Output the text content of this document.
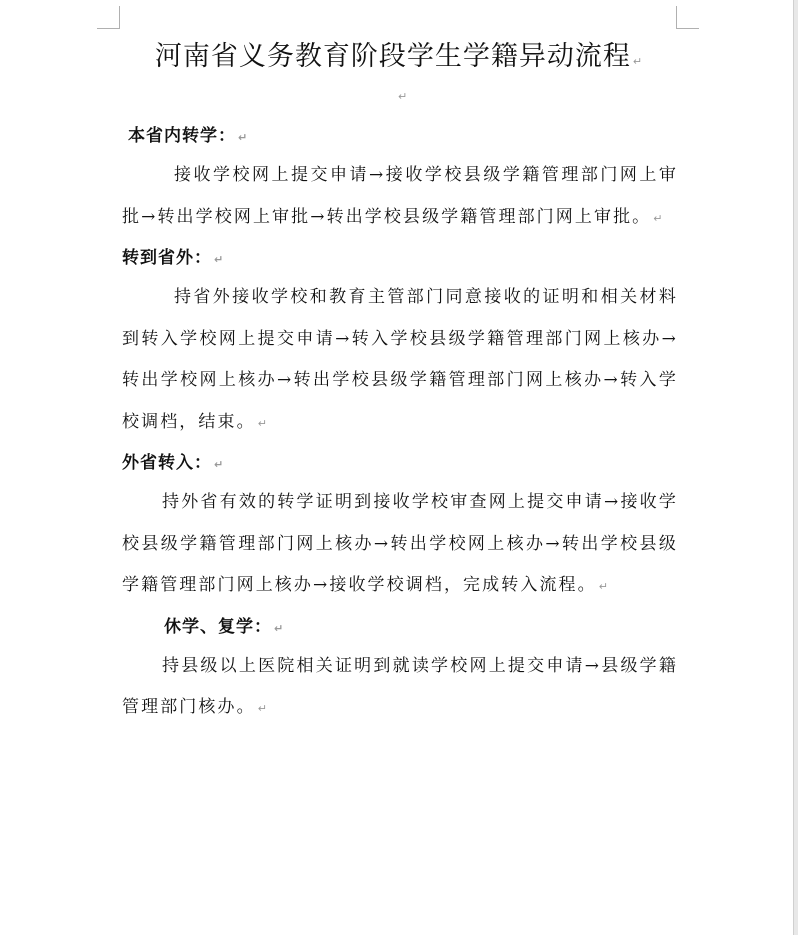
河南省义务教育阶段学生学籍异动流程 ↵
↵
本省内转学： ↵

接收学校网上提交申请→接收学校县级学籍管理部门网上审批→转出学校网上审批→转出学校县级学籍管理部门网上审批。 ↵

转到省外： ↵

持省外接收学校和教育主管部门同意接收的证明和相关材料到转入学校网上提交申请→转入学校县级学籍管理部门网上核办→转出学校网上核办→转出学校县级学籍管理部门网上核办→转入学校调档，结束。 ↵

外省转入： ↵

持外省有效的转学证明到接收学校审查网上提交申请→接收学校县级学籍管理部门网上核办→转出学校网上核办→转出学校县级学籍管理部门网上核办→接收学校调档，完成转入流程。 ↵

休学、复学： ↵

持县级以上医院相关证明到就读学校网上提交申请→县级学籍管理部门核办。 ↵
